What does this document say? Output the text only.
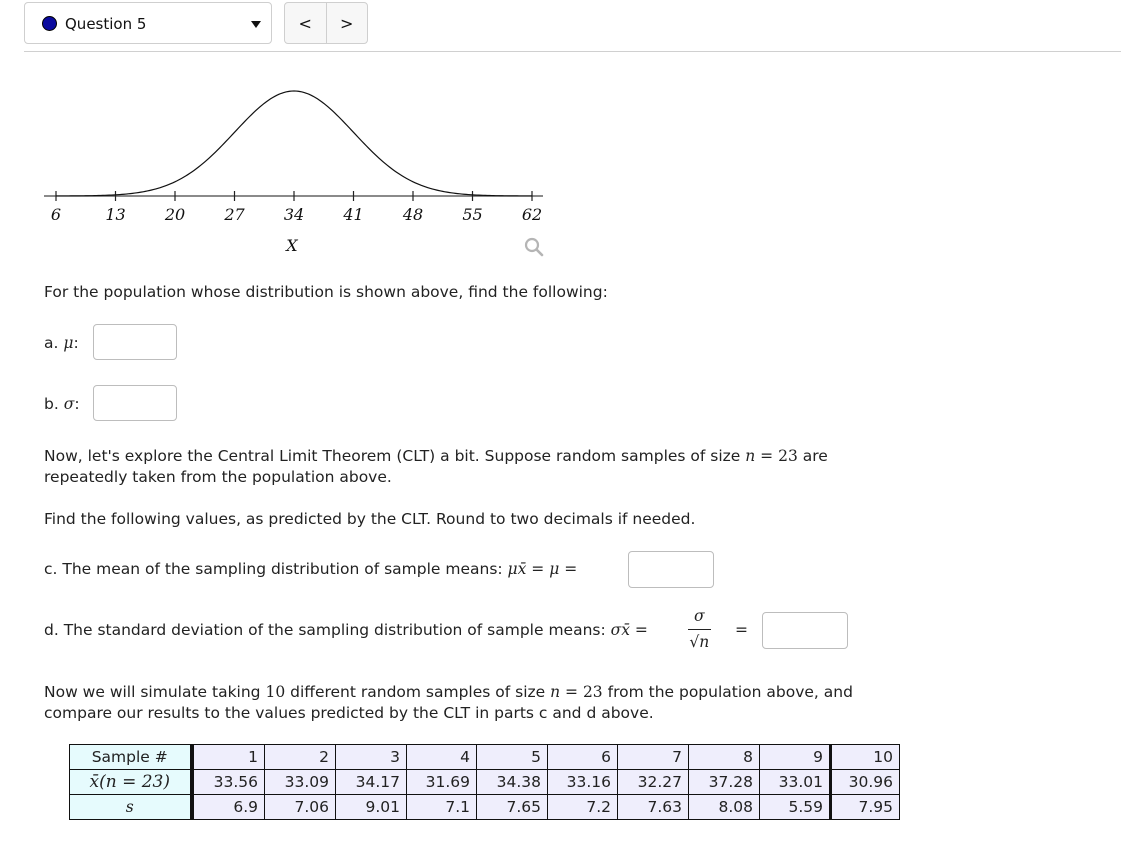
Question 5	<	>
6	13 20 27 34 41 48 55 62
X
For the population whose distribution is shown above, find the following:
a. μ:
b. σ:
Now, let's explore the Central Limit Theorem (CLT) a bit. Suppose random samples of size n = 23 are
repeatedly taken from the population above.
Find the following values, as predicted by the CLT. Round to two decimals if needed.
c. The mean of the sampling distribution of sample means: μx̄ = μ =
d. The standard deviation of the sampling distribution of sample means: σx̄ =	$\frac{\sigma}{√n}$ =
Now we will simulate taking 10 different random samples of size n = 23 from the population above, and
compare our results to the values predicted by the CLT in parts c and d above.
Sample #	1	2	3	4	5	6	7	8	9	10
x̄(n = 23)	33.56	33.09	34.17	31.69	34.38	33.16	32.27	37.28	33.01	30.96
s	6.9	7.06	9.01	7.1	7.65	7.2	7.63	8.08	5.59	7.95
